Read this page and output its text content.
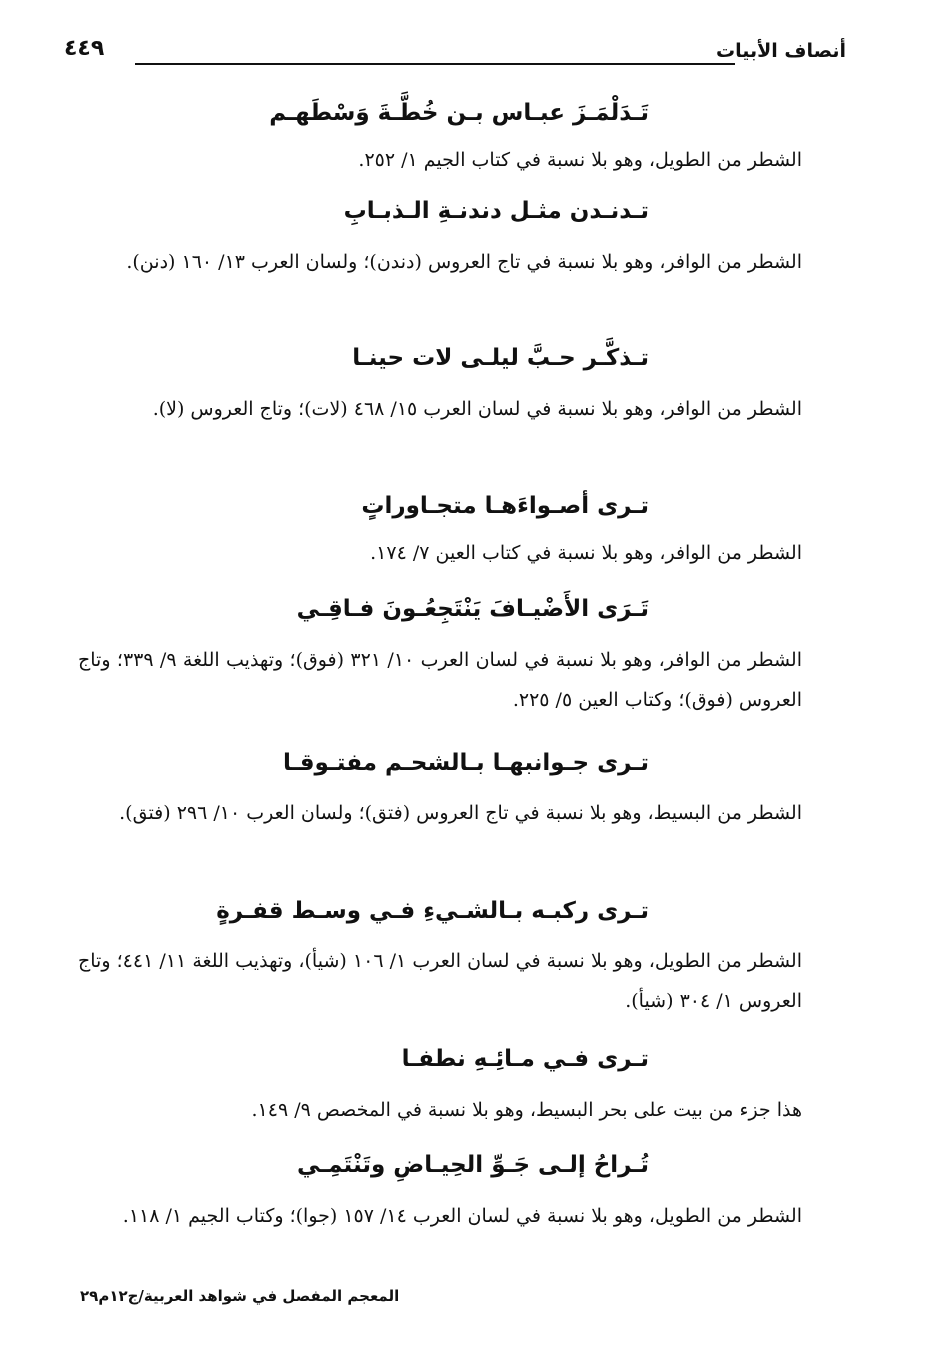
أنصاف الأبيات
٤٤٩
تَـدَلْمَـزَ عبـاس بـن خُطَّـةَ وَسْطَهـم
الشطر من الطويل، وهو بلا نسبة في كتاب الجيم ١/ ٢٥٢.
تـدنـدن مثـل دندنـةِ الـذبـابِ
الشطر من الوافر، وهو بلا نسبة في تاج العروس (دندن)؛ ولسان العرب ١٣/ ١٦٠ (دنن).
تـذكَّـر حـبَّ ليلـى لات حينـا
الشطر من الوافر، وهو بلا نسبة في لسان العرب ١٥/ ٤٦٨ (لات)؛ وتاج العروس (لا).
تـرى أصـواءَهـا متجـاوراتٍ
الشطر من الوافر، وهو بلا نسبة في كتاب العين ٧/ ١٧٤.
تَـرَى الأَضْيـافَ يَنْتَجِعُـونَ فـاقِـي
الشطر من الوافر، وهو بلا نسبة في لسان العرب ١٠/ ٣٢١ (فوق)؛ وتهذيب اللغة ٩/ ٣٣٩؛ وتاج العروس (فوق)؛ وكتاب العين ٥/ ٢٢٥.
تـرى جـوانبهـا بـالشحـم مفتـوقـا
الشطر من البسيط، وهو بلا نسبة في تاج العروس (فتق)؛ ولسان العرب ١٠/ ٢٩٦ (فتق).
تـرى ركبـه بـالشـيءِ فـي وسـط قفـرةٍ
الشطر من الطويل، وهو بلا نسبة في لسان العرب ١/ ١٠٦ (شيأ)، وتهذيب اللغة ١١/ ٤٤١؛ وتاج العروس ١/ ٣٠٤ (شيأ).
تـرى فـي مـائِـهِ نطفـا
هذا جزء من بيت على بحر البسيط، وهو بلا نسبة في المخصص ٩/ ١٤٩.
تُـراحُ إلـى جَـوِّ الحِيـاضِ وتَنْتَمِـي
الشطر من الطويل، وهو بلا نسبة في لسان العرب ١٤/ ١٥٧ (جوا)؛ وكتاب الجيم ١/ ١١٨.
المعجم المفصل في شواهد العربية/ج١٢م٢٩
